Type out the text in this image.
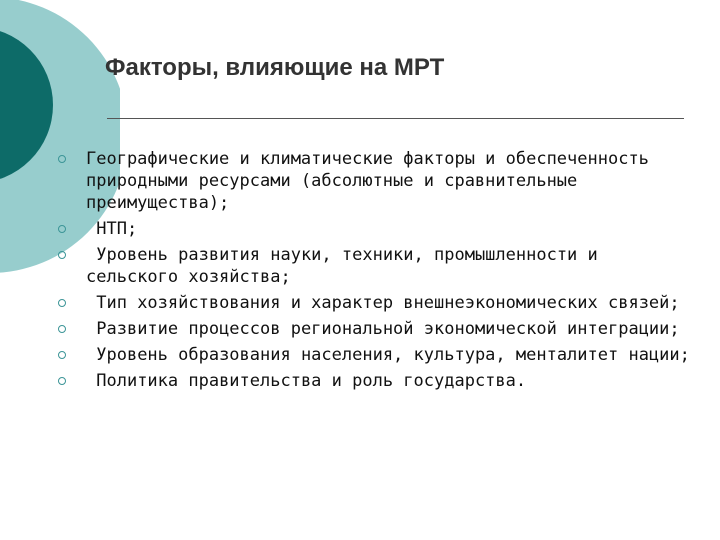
Факторы, влияющие на МРТ
Географические и климатические факторы и обеспеченность природными ресурсами (абсолютные и сравнительные преимущества);
НТП;
Уровень развития науки, техники, промышленности и сельского хозяйства;
Тип хозяйствования и характер внешнеэкономических связей;
Развитие процессов региональной экономической интеграции;
Уровень образования населения, культура, менталитет нации;
Политика правительства и роль государства.
